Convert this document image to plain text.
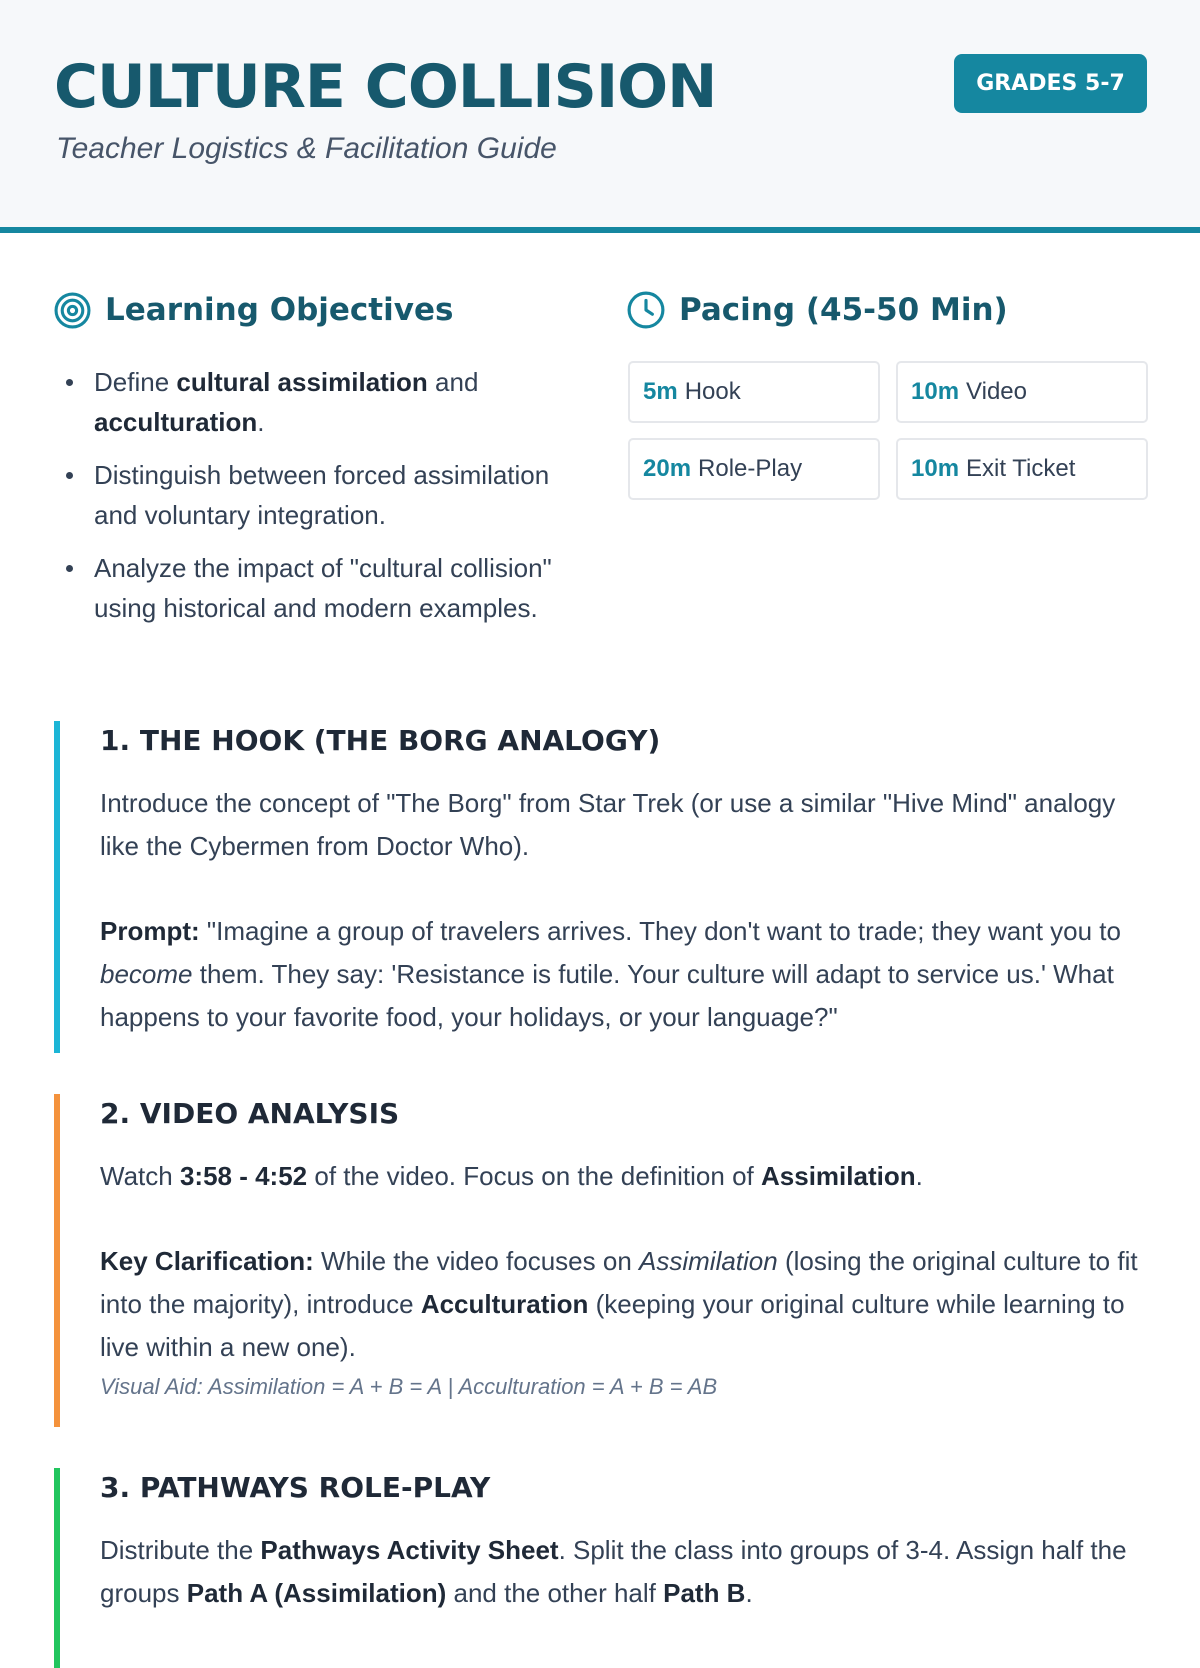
CULTURE COLLISION
Teacher Logistics & Facilitation Guide
GRADES 5-7
Learning Objectives
Define cultural assimilation and acculturation.
Distinguish between forced assimilation and voluntary integration.
Analyze the impact of "cultural collision" using historical and modern examples.
Pacing (45-50 Min)
5m Hook	10m Video
20m Role-Play	10m Exit Ticket
1. THE HOOK (THE BORG ANALOGY)

Introduce the concept of "The Borg" from Star Trek (or use a similar "Hive Mind" analogy like the Cybermen from Doctor Who).

Prompt: "Imagine a group of travelers arrives. They don't want to trade; they want you to become them. They say: 'Resistance is futile. Your culture will adapt to service us.' What happens to your favorite food, your holidays, or your language?"

2. VIDEO ANALYSIS

Watch 3:58 - 4:52 of the video. Focus on the definition of Assimilation.

Key Clarification: While the video focuses on Assimilation (losing the original culture to fit into the majority), introduce Acculturation (keeping your original culture while learning to live within a new one).

Visual Aid: Assimilation = A + B = A | Acculturation = A + B = AB
3. PATHWAYS ROLE-PLAY

Distribute the Pathways Activity Sheet. Split the class into groups of 3-4. Assign half the groups Path A (Assimilation) and the other half Path B.
